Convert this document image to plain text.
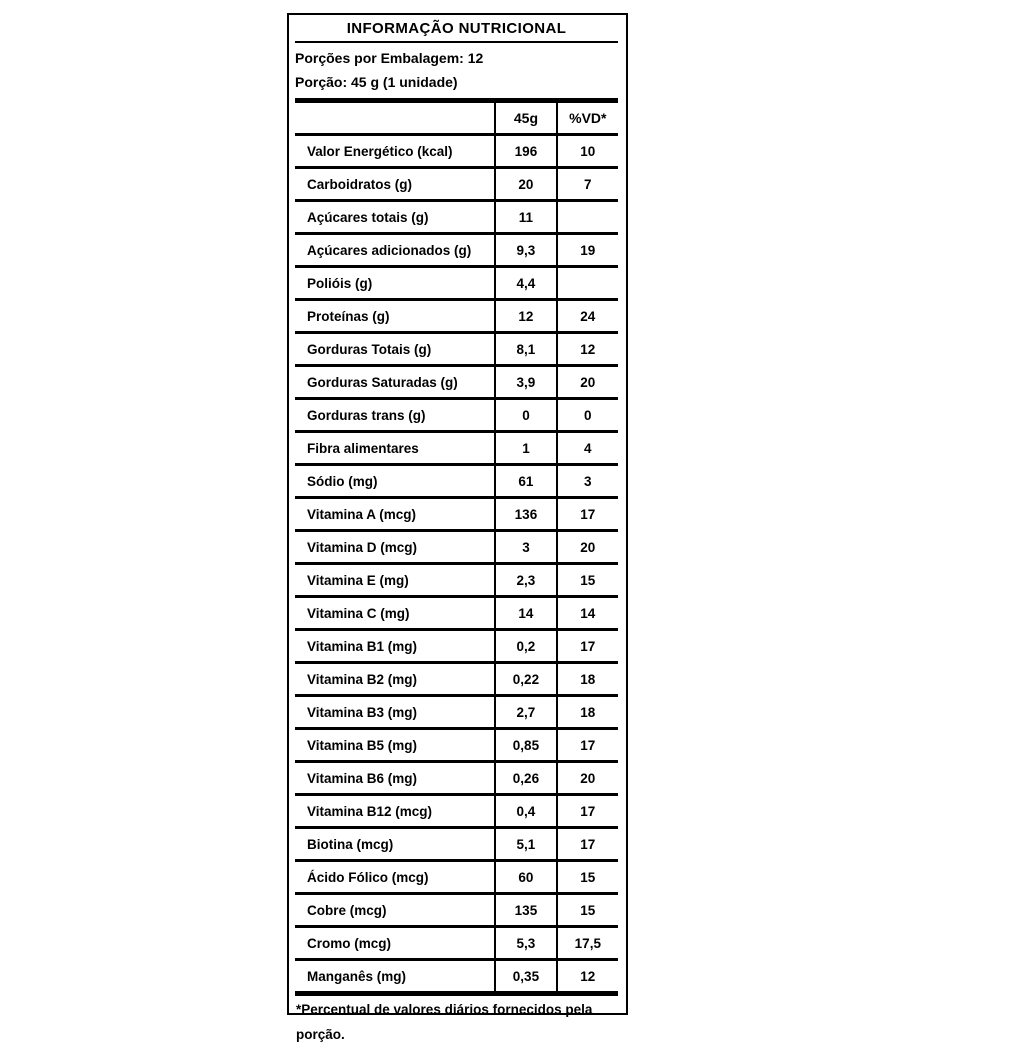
INFORMAÇÃO NUTRICIONAL
Porções por Embalagem: 12
Porção: 45 g (1 unidade)
	45g	%VD*
Valor Energético (kcal)	196	10
Carboidratos (g)	20	7
Açúcares totais (g)	11	
Açúcares adicionados (g)	9,3	19
Polióis (g)	4,4	
Proteínas (g)	12	24
Gorduras Totais (g)	8,1	12
Gorduras Saturadas (g)	3,9	20
Gorduras trans (g)	0	0
Fibra alimentares	1	4
Sódio (mg)	61	3
Vitamina A (mcg)	136	17
Vitamina D (mcg)	3	20
Vitamina E (mg)	2,3	15
Vitamina C (mg)	14	14
Vitamina B1 (mg)	0,2	17
Vitamina B2 (mg)	0,22	18
Vitamina B3 (mg)	2,7	18
Vitamina B5 (mg)	0,85	17
Vitamina B6 (mg)	0,26	20
Vitamina B12 (mcg)	0,4	17
Biotina (mcg)	5,1	17
Ácido Fólico (mcg)	60	15
Cobre (mcg)	135	15
Cromo (mcg)	5,3	17,5
Manganês (mg)	0,35	12
*Percentual de valores diários fornecidos pela porção.
